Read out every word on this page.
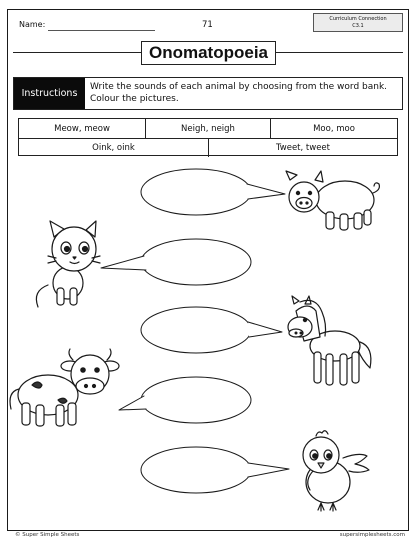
Name:	71
Curriculum Connection
C3.1
Onomatopoeia
Instructions
Write the sounds of each animal by choosing from the word bank. Colour the pictures.
Meow, meow	Neigh, neigh	Moo, moo
Oink, oink	Tweet, tweet
© Super Simple Sheets	supersimplesheets.com
